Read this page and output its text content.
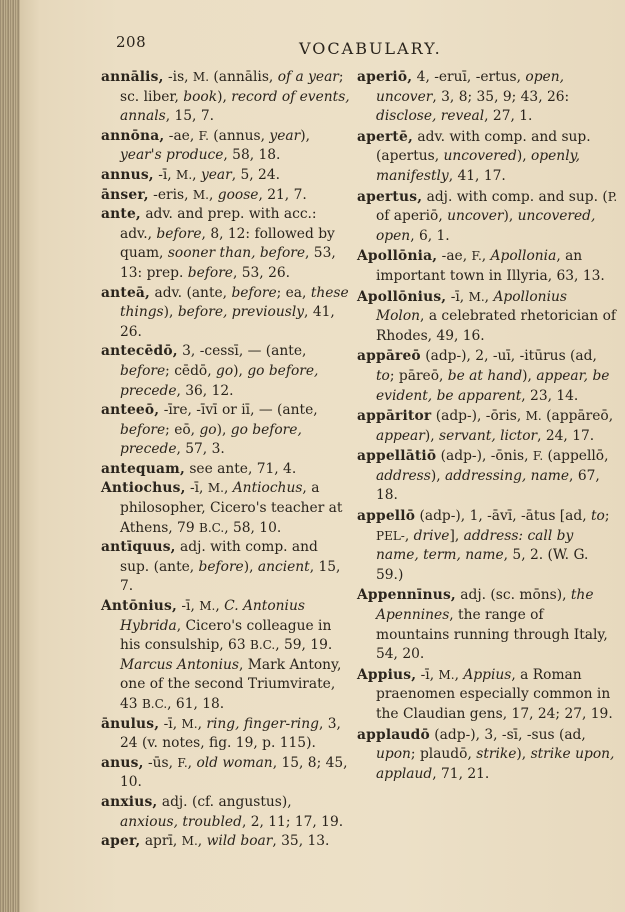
208	VOCABULARY.
annālis, -is, M. (annālis, of a year; sc. liber, book), record of events, annals, 15, 7.
annōna, -ae, F. (annus, year), year's produce, 58, 18.
annus, -ī, M., year, 5, 24.
ānser, -eris, M., goose, 21, 7.
ante, adv. and prep. with acc.: adv., before, 8, 12: followed by quam, sooner than, before, 53, 13: prep. before, 53, 26.
anteā, adv. (ante, before; ea, these things), before, previously, 41, 26.
antecēdō, 3, -cessī, — (ante, before; cēdō, go), go before, precede, 36, 12.
anteeō, -īre, -īvī or iī, — (ante, before; eō, go), go before, precede, 57, 3.
antequam, see ante, 71, 4.
Antiochus, -ī, M., Antiochus, a philosopher, Cicero's teacher at Athens, 79 B.C., 58, 10.
antīquus, adj. with comp. and sup. (ante, before), ancient, 15, 7.
Antōnius, -ī, M., C. Antonius Hybrida, Cicero's colleague in his consulship, 63 B.C., 59, 19. Marcus Antonius, Mark Antony, one of the second Triumvirate, 43 B.C., 61, 18.
ānulus, -ī, M., ring, finger-ring, 3, 24 (v. notes, fig. 19, p. 115).
anus, -ūs, F., old woman, 15, 8; 45, 10.
anxius, adj. (cf. angustus), anxious, troubled, 2, 11; 17, 19.
aper, aprī, M., wild boar, 35, 13.
aperiō, 4, -eruī, -ertus, open, uncover, 3, 8; 35, 9; 43, 26: disclose, reveal, 27, 1.
apertē, adv. with comp. and sup. (apertus, uncovered), openly, manifestly, 41, 17.
apertus, adj. with comp. and sup. (P. of aperiō, uncover), uncovered, open, 6, 1.
Apollōnia, -ae, F., Apollonia, an important town in Illyria, 63, 13.
Apollōnius, -ī, M., Apollonius Molon, a celebrated rhetorician of Rhodes, 49, 16.
appāreō (adp-), 2, -uī, -itūrus (ad, to; pāreō, be at hand), appear, be evident, be apparent, 23, 14.
appāritor (adp-), -ōris, M. (appāreō, appear), servant, lictor, 24, 17.
appellātiō (adp-), -ōnis, F. (appellō, address), addressing, name, 67, 18.
appellō (adp-), 1, -āvī, -ātus [ad, to; PEL-, drive], address: call by name, term, name, 5, 2. (W. G. 59.)
Appennīnus, adj. (sc. mōns), the Apennines, the range of mountains running through Italy, 54, 20.
Appius, -ī, M., Appius, a Roman praenomen especially common in the Claudian gens, 17, 24; 27, 19.
applaudō (adp-), 3, -sī, -sus (ad, upon; plaudō, strike), strike upon, applaud, 71, 21.
